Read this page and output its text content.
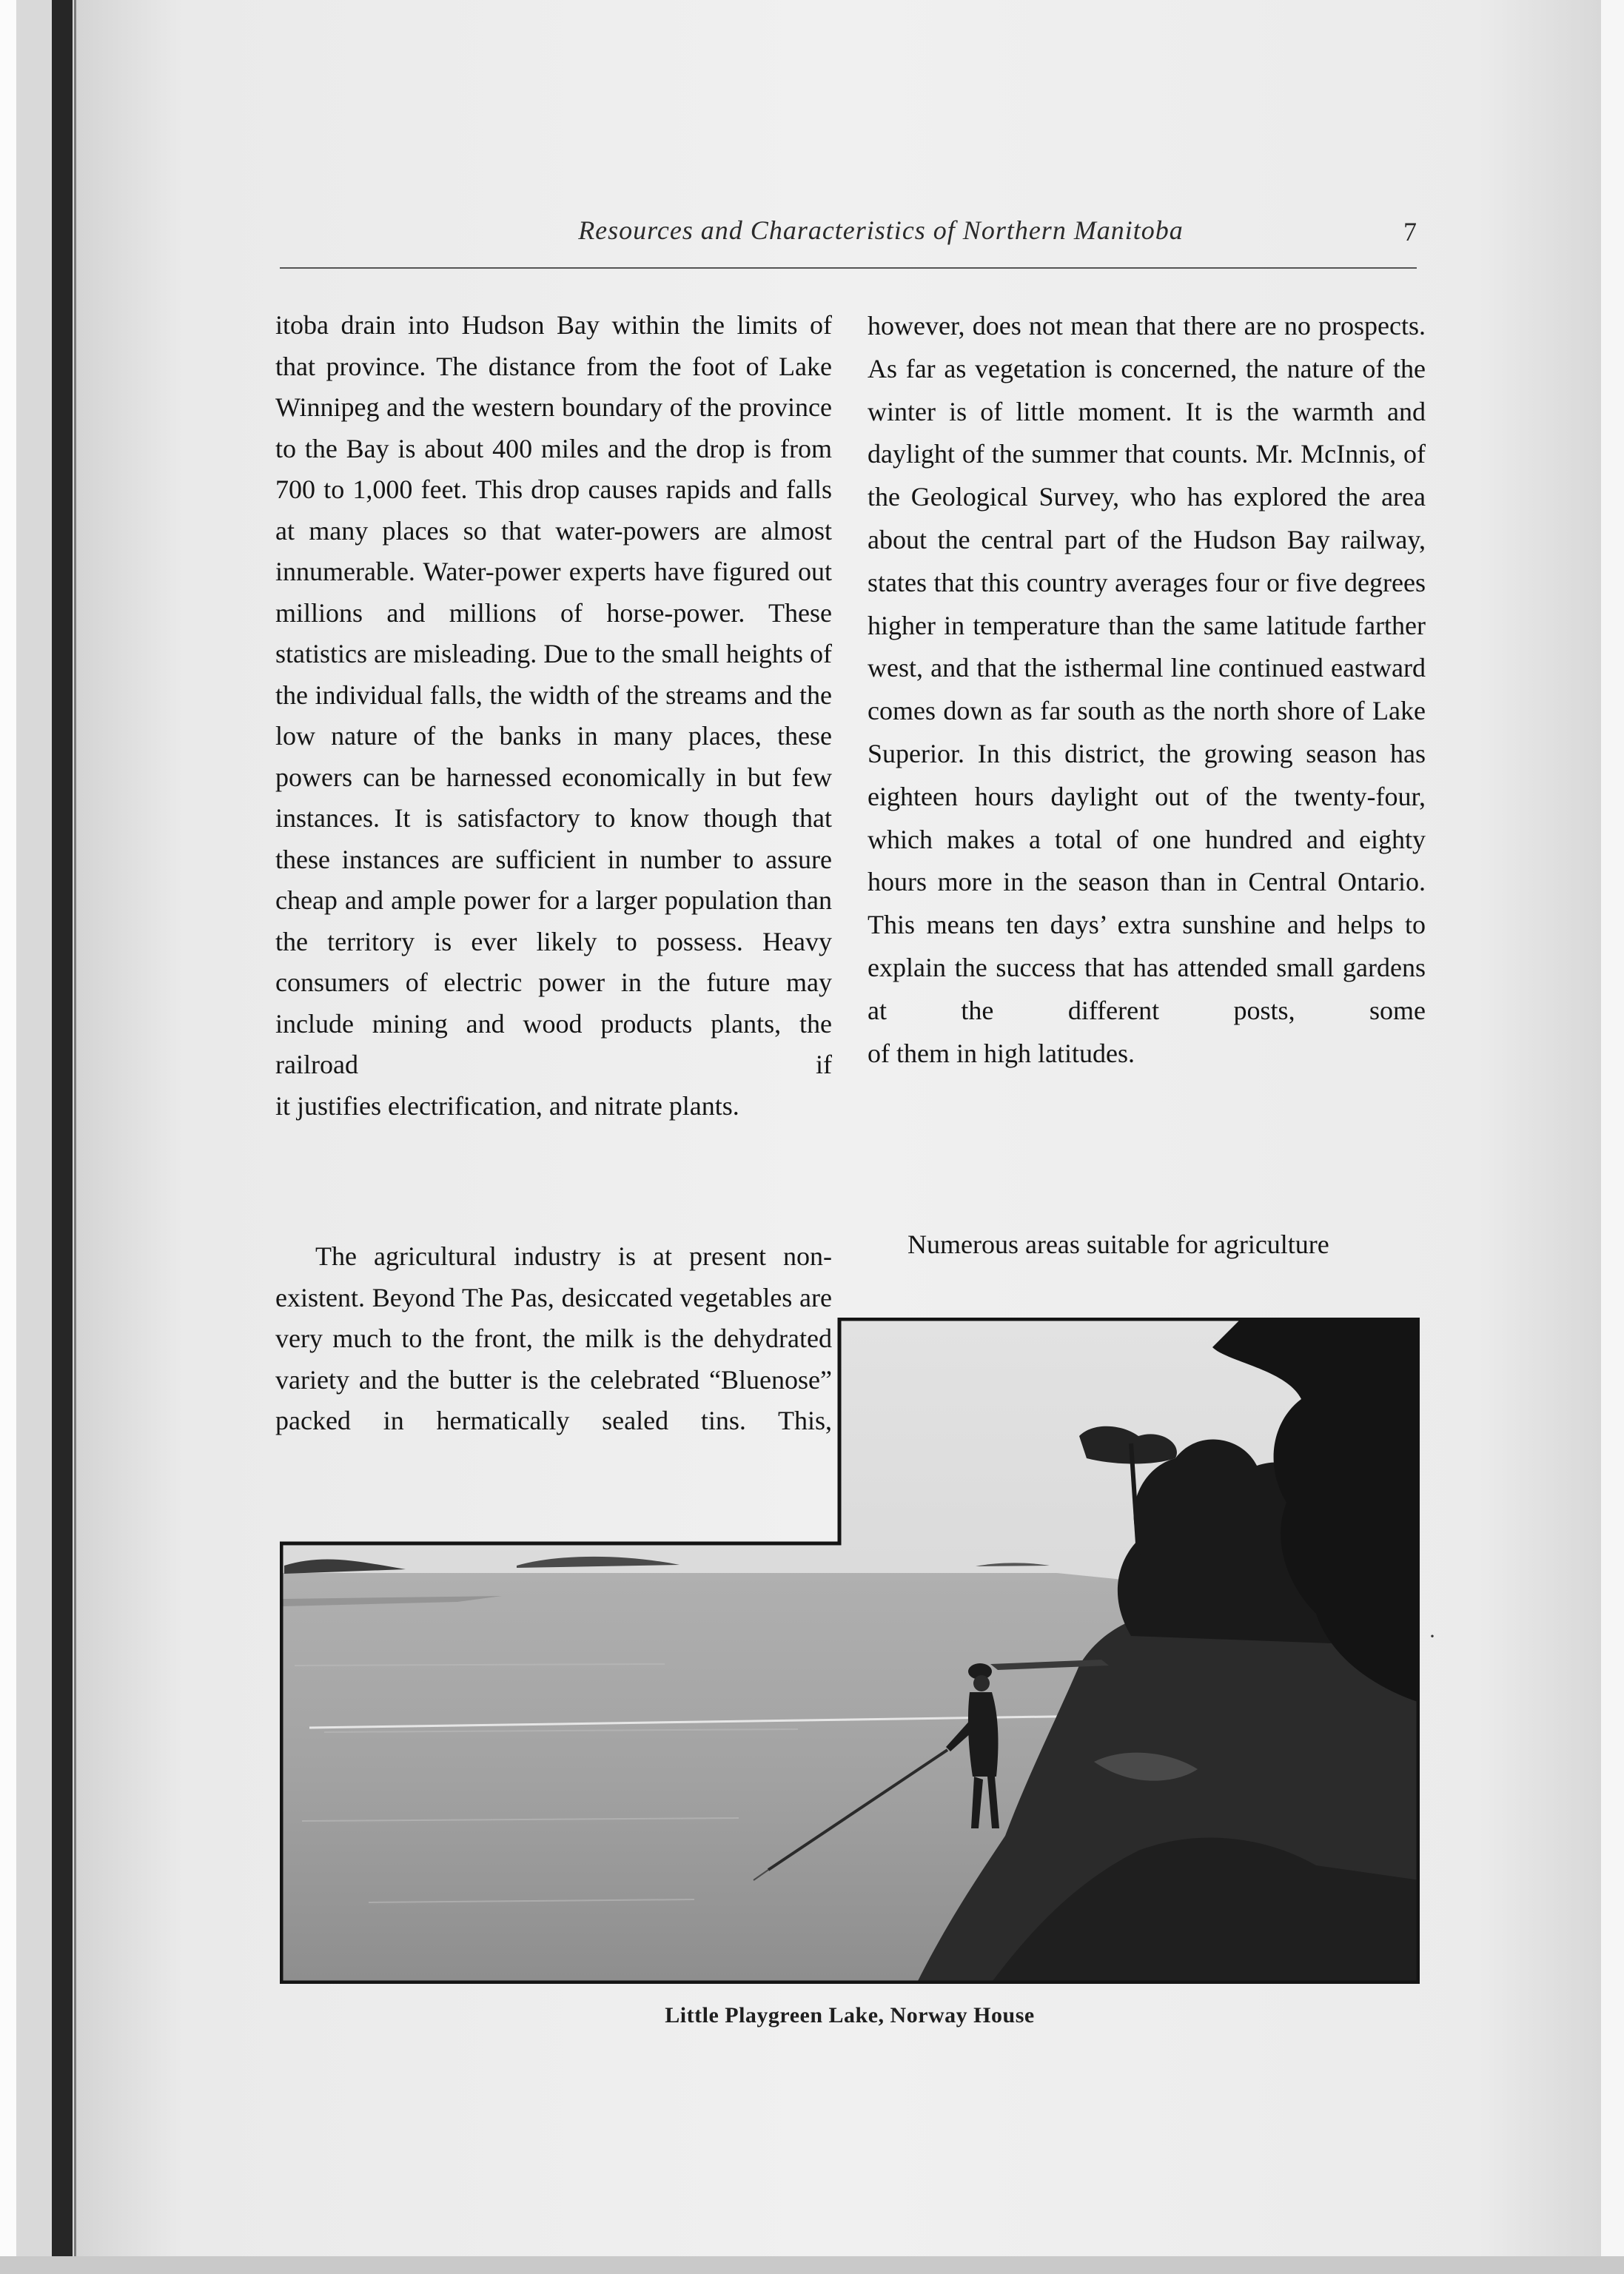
Resources and Characteristics of Northern Manitoba	7

itoba drain into Hudson Bay within the limits of that province. The distance from the foot of Lake Winnipeg and the western boundary of the province to the Bay is about 400 miles and the drop is from 700 to 1,000 feet. This drop causes rapids and falls at many places so that water-powers are almost innumerable. Water-power experts have figured out millions and millions of horse-power. These statistics are misleading. Due to the small heights of the individual falls, the width of the streams and the low nature of the banks in many places, these powers can be harnessed economically in but few instances. It is satisfactory to know though that these instances are sufficient in number to assure cheap and ample power for a larger population than the territory is ever likely to possess. Heavy consumers of electric power in the future may include mining and wood products plants, the railroad if
it justifies electrification, and nitrate plants.

The agricultural industry is at present non-existent. Beyond The Pas, desiccated vegetables are very much to the front, the milk is the dehydrated variety and the butter is the celebrated “Bluenose” packed in hermatically sealed tins. This,

however, does not mean that there are no prospects. As far as vegetation is concerned, the nature of the winter is of little moment. It is the warmth and daylight of the summer that counts. Mr. McInnis, of the Geological Survey, who has explored the area about the central part of the Hudson Bay railway, states that this country averages four or five degrees higher in temperature than the same latitude farther west, and that the isthermal line continued eastward comes down as far south as the north shore of Lake Superior. In this district, the growing season has eighteen hours daylight out of the twenty-four, which makes a total of one hundred and eighty hours more in the season than in Central Ontario. This means ten days’ extra sunshine and helps to explain the success that has attended small gardens at the different posts, some
of them in high latitudes.

Numerous areas suitable for agriculture

Little Playgreen Lake, Norway House
·
